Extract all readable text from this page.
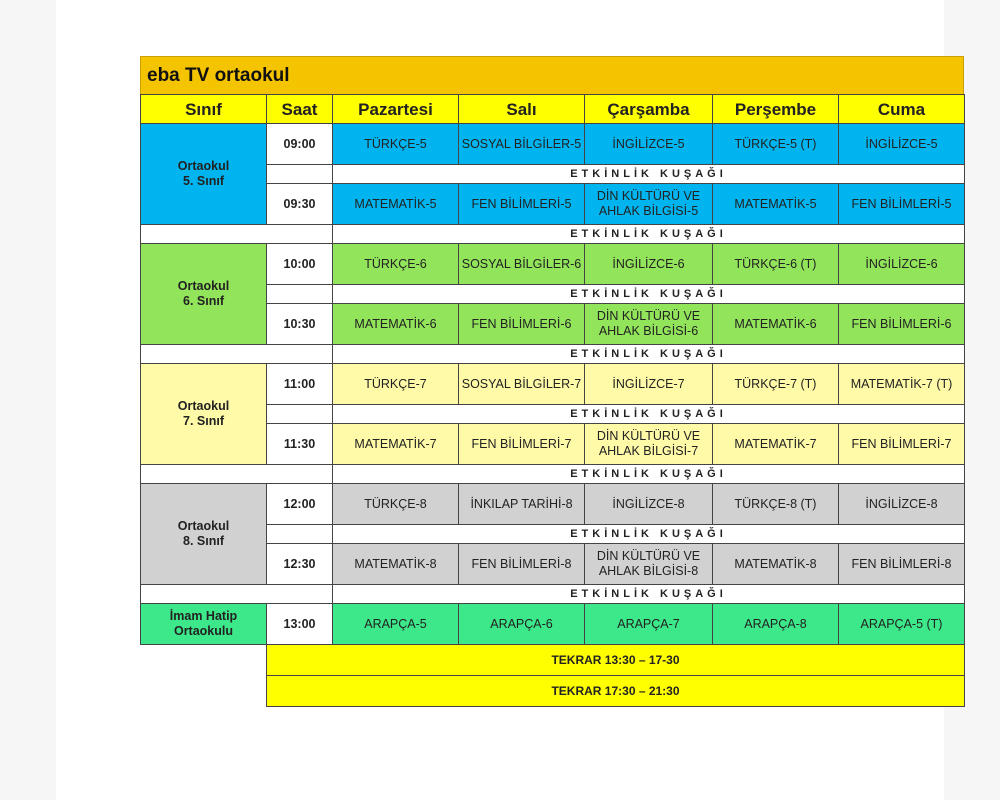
eba TV ortaokul
Sınıf	Saat	Pazartesi	Salı	Çarşamba	Perşembe	Cuma

Ortaokul
5. Sınıf	09:00	TÜRKÇE-5	SOSYAL BİLGİLER-5	İNGİLİZCE-5	TÜRKÇE-5 (T)	İNGİLİZCE-5
		ETKİNLİK KUŞAĞI				
	09:30	MATEMATİK-5	FEN BİLİMLERİ-5	DİN KÜLTÜRÜ VE AHLAK BİLGİSİ-5	MATEMATİK-5	FEN BİLİMLERİ-5
		ETKİNLİK KUŞAĞI				

Ortaokul
6. Sınıf	10:00	TÜRKÇE-6	SOSYAL BİLGİLER-6	İNGİLİZCE-6	TÜRKÇE-6 (T)	İNGİLİZCE-6
		ETKİNLİK KUŞAĞI				
	10:30	MATEMATİK-6	FEN BİLİMLERİ-6	DİN KÜLTÜRÜ VE AHLAK BİLGİSİ-6	MATEMATİK-6	FEN BİLİMLERİ-6
		ETKİNLİK KUŞAĞI				

Ortaokul
7. Sınıf	11:00	TÜRKÇE-7	SOSYAL BİLGİLER-7	İNGİLİZCE-7	TÜRKÇE-7 (T)	MATEMATİK-7 (T)
		ETKİNLİK KUŞAĞI				
	11:30	MATEMATİK-7	FEN BİLİMLERİ-7	DİN KÜLTÜRÜ VE AHLAK BİLGİSİ-7	MATEMATİK-7	FEN BİLİMLERİ-7
		ETKİNLİK KUŞAĞI				

Ortaokul
8. Sınıf	12:00	TÜRKÇE-8	İNKILAP TARİHİ-8	İNGİLİZCE-8	TÜRKÇE-8 (T)	İNGİLİZCE-8
		ETKİNLİK KUŞAĞI				
	12:30	MATEMATİK-8	FEN BİLİMLERİ-8	DİN KÜLTÜRÜ VE AHLAK BİLGİSİ-8	MATEMATİK-8	FEN BİLİMLERİ-8
		ETKİNLİK KUŞAĞI				

İmam Hatip
Ortaokulu	13:00	ARAPÇA-5	ARAPÇA-6	ARAPÇA-7	ARAPÇA-8	ARAPÇA-5 (T)
	TEKRAR 13:30 – 17-30					
	TEKRAR 17:30 – 21:30					
